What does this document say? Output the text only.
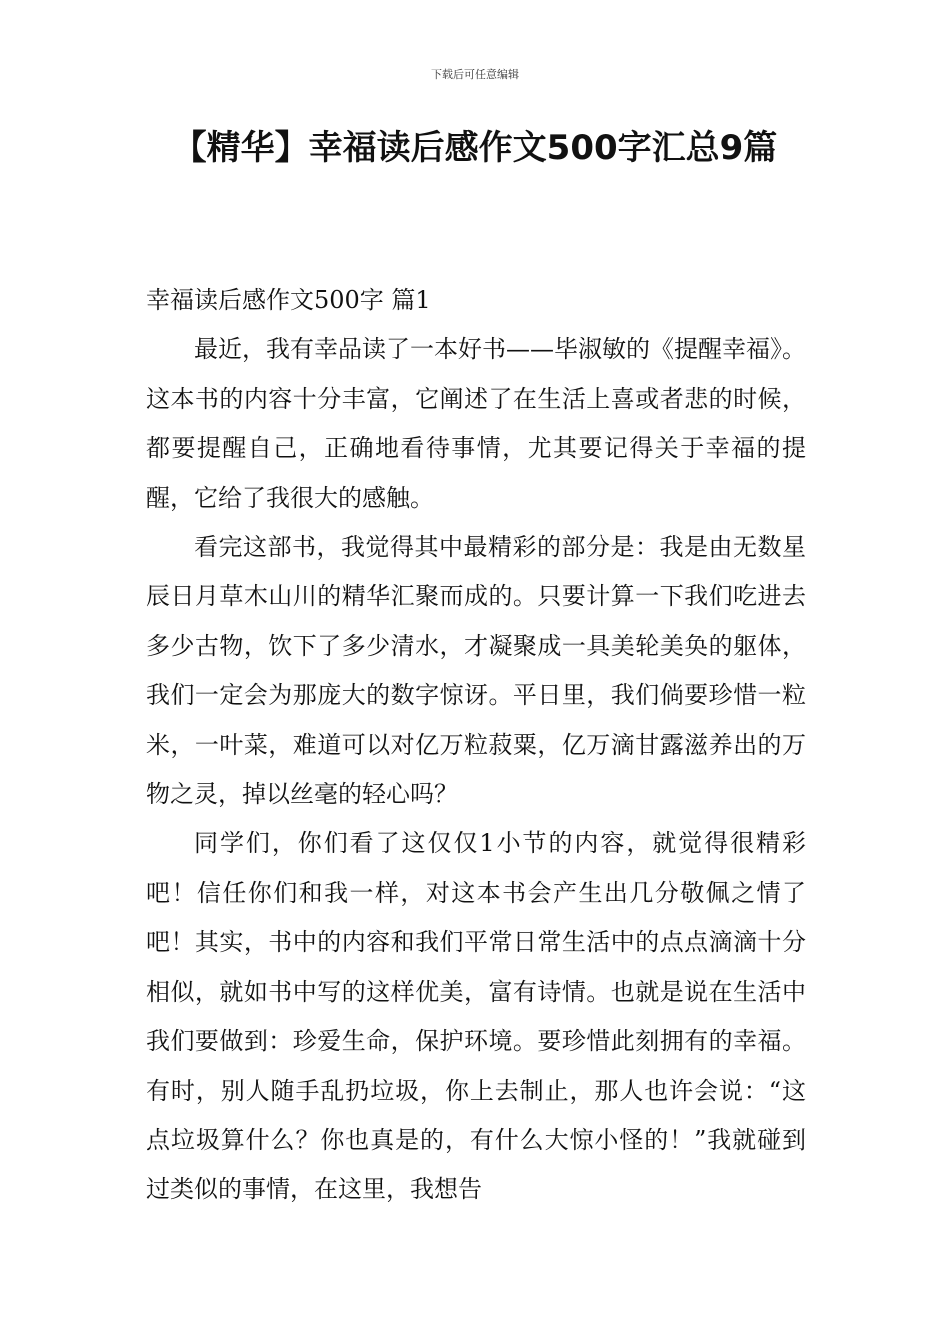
下载后可任意编辑
【精华】幸福读后感作文500字汇总9篇

幸福读后感作文500字 篇1

最近，我有幸品读了一本好书——毕淑敏的《提醒幸福》。这本书的内容十分丰富，它阐述了在生活上喜或者悲的时候，都要提醒自己，正确地看待事情，尤其要记得关于幸福的提醒，它给了我很大的感触。

看完这部书，我觉得其中最精彩的部分是：我是由无数星辰日月草木山川的精华汇聚而成的。只要计算一下我们吃进去多少古物，饮下了多少清水，才凝聚成一具美轮美奂的躯体，我们一定会为那庞大的数字惊讶。平日里，我们倘要珍惜一粒米，一叶菜，难道可以对亿万粒菽粟，亿万滴甘露滋养出的万物之灵，掉以丝毫的轻心吗？

同学们，你们看了这仅仅1小节的内容，就觉得很精彩吧！信任你们和我一样，对这本书会产生出几分敬佩之情了吧！其实，书中的内容和我们平常日常生活中的点点滴滴十分相似，就如书中写的这样优美，富有诗情。也就是说在生活中我们要做到：珍爱生命，保护环境。要珍惜此刻拥有的幸福。有时，别人随手乱扔垃圾，你上去制止，那人也许会说：“这点垃圾算什么？你也真是的，有什么大惊小怪的！”我就碰到过类似的事情，在这里，我想告
